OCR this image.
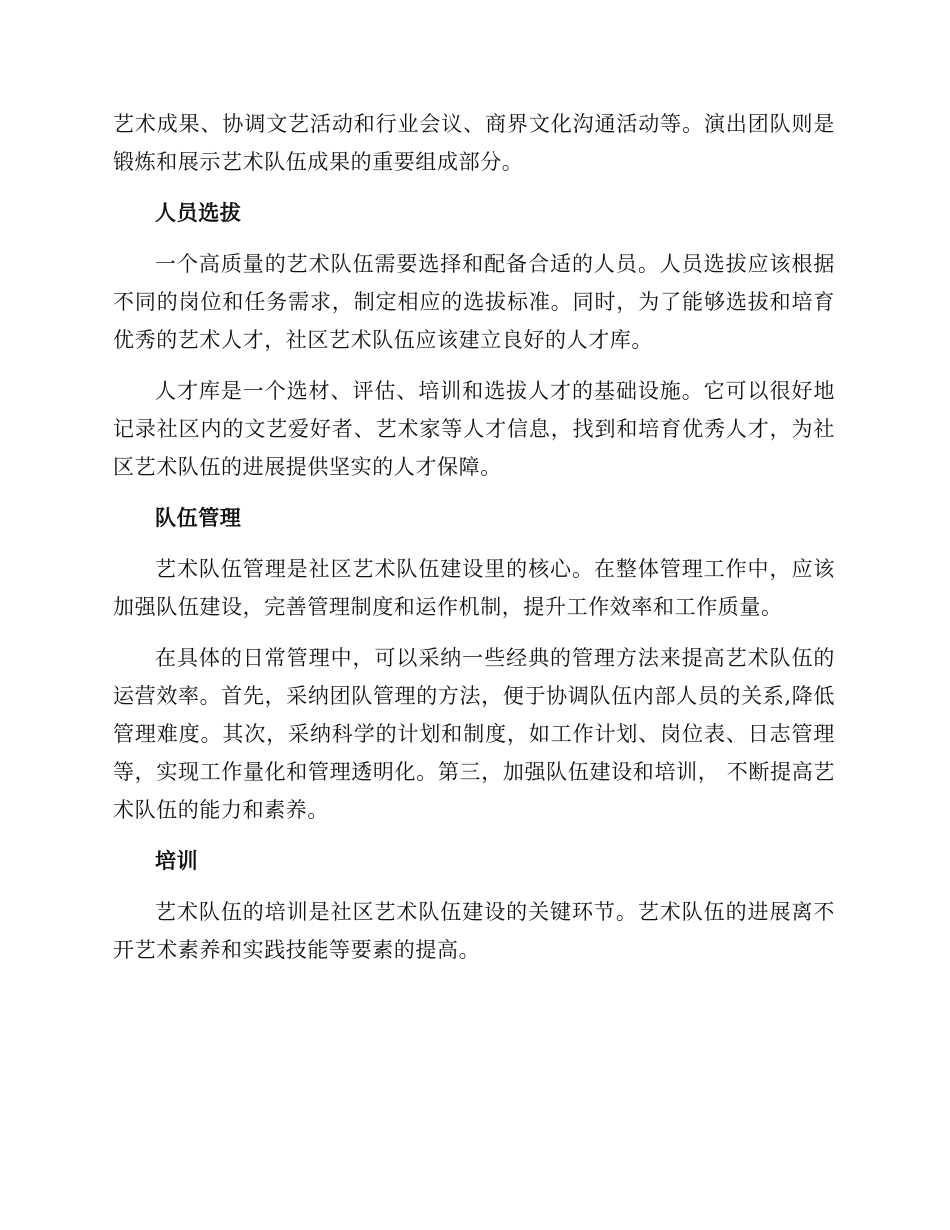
艺术成果、协调文艺活动和行业会议、商界文化沟通活动等。演出团队则是锻炼和展示艺术队伍成果的重要组成部分。

人员选拔

一个高质量的艺术队伍需要选择和配备合适的人员。人员选拔应该根据不同的岗位和任务需求，制定相应的选拔标准。同时，为了能够选拔和培育优秀的艺术人才，社区艺术队伍应该建立良好的人才库。

人才库是一个选材、评估、培训和选拔人才的基础设施。它可以很好地记录社区内的文艺爱好者、艺术家等人才信息，找到和培育优秀人才，为社区艺术队伍的进展提供坚实的人才保障。

队伍管理

艺术队伍管理是社区艺术队伍建设里的核心。在整体管理工作中，应该加强队伍建设，完善管理制度和运作机制，提升工作效率和工作质量。

在具体的日常管理中，可以采纳一些经典的管理方法来提高艺术队伍的运营效率。首先，采纳团队管理的方法，便于协调队伍内部人员的关系,降低管理难度。其次，采纳科学的计划和制度，如工作计划、岗位表、日志管理等，实现工作量化和管理透明化。第三，加强队伍建设和培训， 不断提高艺术队伍的能力和素养。

培训

艺术队伍的培训是社区艺术队伍建设的关键环节。艺术队伍的进展离不开艺术素养和实践技能等要素的提高。
